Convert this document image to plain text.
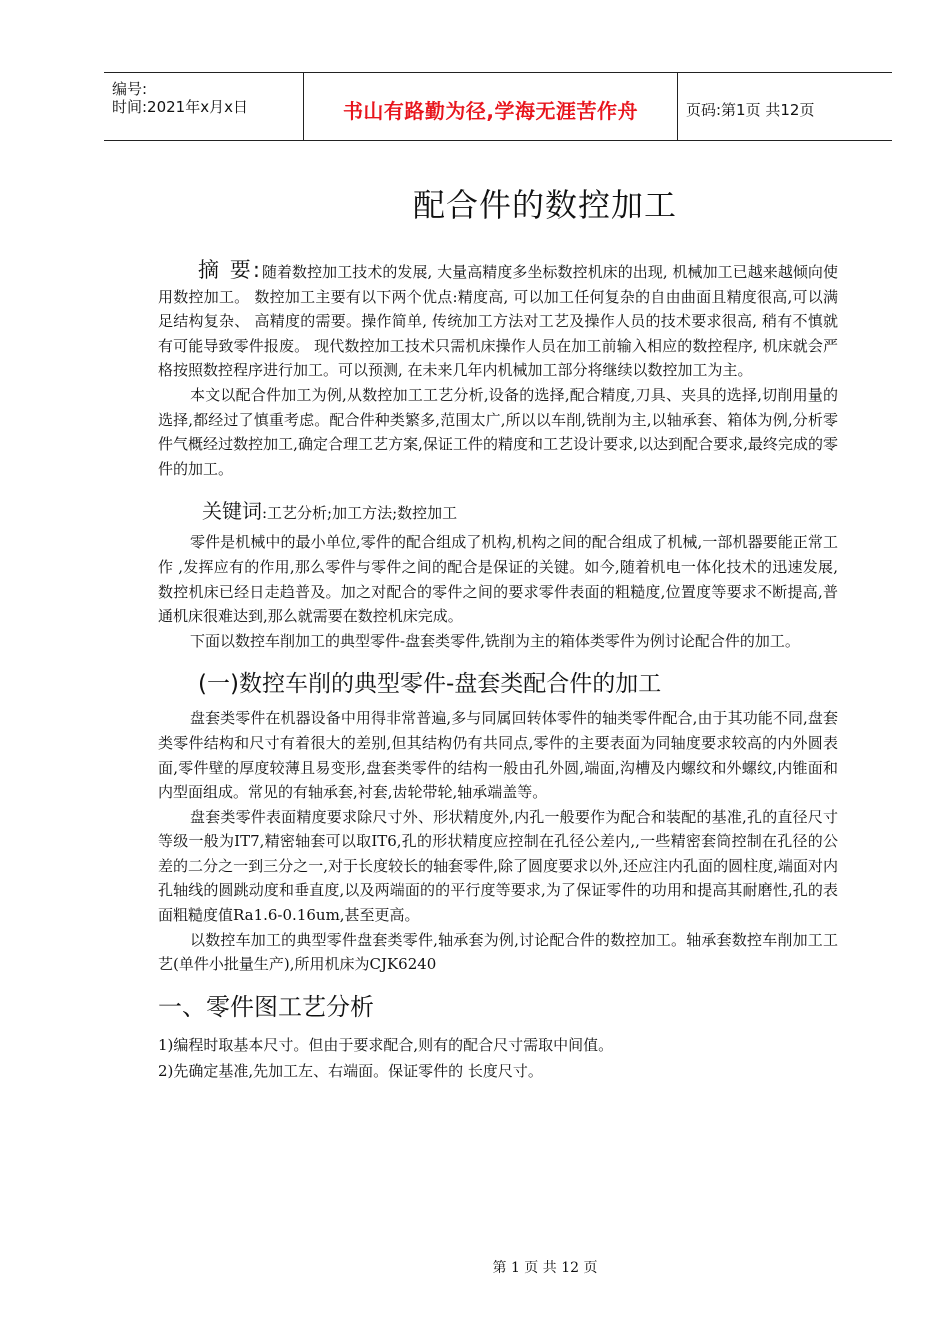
编号:
时间:2021年x月x日	书山有路勤为径,学海无涯苦作舟	页码:第1页 共12页
配合件的数控加工

摘 要:随着数控加工技术的发展, 大量高精度多坐标数控机床的出现, 机械加工已越来越倾向使用数控加工。 数控加工主要有以下两个优点:精度高, 可以加工任何复杂的自由曲面且精度很高,可以满足结构复杂、 高精度的需要。操作简单, 传统加工方法对工艺及操作人员的技术要求很高, 稍有不慎就有可能导致零件报废。 现代数控加工技术只需机床操作人员在加工前输入相应的数控程序, 机床就会严格按照数控程序进行加工。可以预测, 在未来几年内机械加工部分将继续以数控加工为主。

本文以配合件加工为例,从数控加工工艺分析,设备的选择,配合精度,刀具、夹具的选择,切削用量的选择,都经过了慎重考虑。配合件种类繁多,范围太广,所以以车削,铣削为主,以轴承套、箱体为例,分析零件气概经过数控加工,确定合理工艺方案,保证工件的精度和工艺设计要求,以达到配合要求,最终完成的零件的加工。

关键词:工艺分析;加工方法;数控加工

零件是机械中的最小单位,零件的配合组成了机构,机构之间的配合组成了机械,一部机器要能正常工作 ,发挥应有的作用,那么零件与零件之间的配合是保证的关键。如今,随着机电一体化技术的迅速发展,数控机床已经日走趋普及。加之对配合的零件之间的要求零件表面的粗糙度,位置度等要求不断提高,普通机床很难达到,那么就需要在数控机床完成。

下面以数控车削加工的典型零件-盘套类零件,铣削为主的箱体类零件为例讨论配合件的加工。

(一)数控车削的典型零件-盘套类配合件的加工

盘套类零件在机器设备中用得非常普遍,多与同属回转体零件的轴类零件配合,由于其功能不同,盘套类零件结构和尺寸有着很大的差别,但其结构仍有共同点,零件的主要表面为同轴度要求较高的内外圆表面,零件壁的厚度较薄且易变形,盘套类零件的结构一般由孔外圆,端面,沟槽及内螺纹和外螺纹,内锥面和内型面组成。常见的有轴承套,衬套,齿轮带轮,轴承端盖等。

盘套类零件表面精度要求除尺寸外、形状精度外,内孔一般要作为配合和装配的基准,孔的直径尺寸等级一般为IT7,精密轴套可以取IT6,孔的形状精度应控制在孔径公差内,,一些精密套筒控制在孔径的公差的二分之一到三分之一,对于长度较长的轴套零件,除了圆度要求以外,还应注内孔面的圆柱度,端面对内孔轴线的圆跳动度和垂直度,以及两端面的的平行度等要求,为了保证零件的功用和提高其耐磨性,孔的表面粗糙度值Ra1.6-0.16um,甚至更高。

以数控车加工的典型零件盘套类零件,轴承套为例,讨论配合件的数控加工。轴承套数控车削加工工艺(单件小批量生产),所用机床为CJK6240

一、零件图工艺分析

1)编程时取基本尺寸。但由于要求配合,则有的配合尺寸需取中间值。

2)先确定基准,先加工左、右端面。保证零件的 长度尺寸。

第 1 页 共 12 页
